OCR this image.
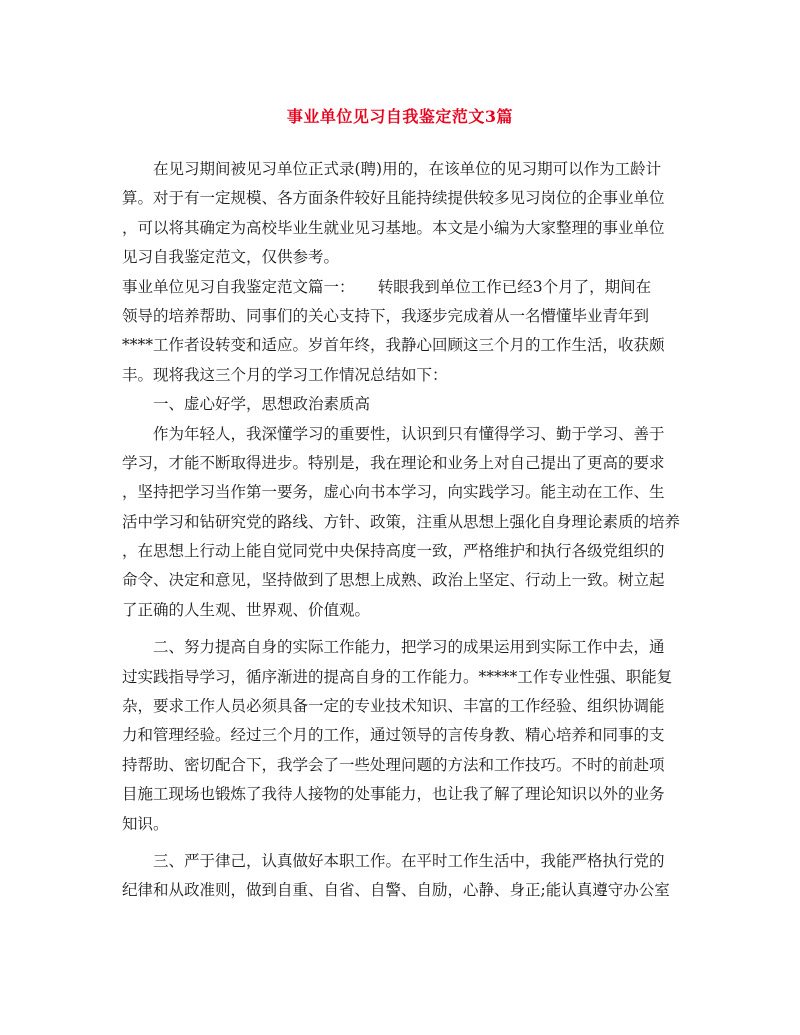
事业单位见习自我鉴定范文3篇
　　在见习期间被见习单位正式录(聘)用的，在该单位的见习期可以作为工龄计
算。对于有一定规模、各方面条件较好且能持续提供较多见习岗位的企事业单位
，可以将其确定为高校毕业生就业见习基地。本文是小编为大家整理的事业单位
见习自我鉴定范文，仅供参考。
事业单位见习自我鉴定范文篇一：　　转眼我到单位工作已经3个月了，期间在
领导的培养帮助、同事们的关心支持下，我逐步完成着从一名懵懂毕业青年到
****工作者设转变和适应。岁首年终，我静心回顾这三个月的工作生活，收获颇
丰。现将我这三个月的学习工作情况总结如下：
　　一、虚心好学，思想政治素质高
　　作为年轻人，我深懂学习的重要性，认识到只有懂得学习、勤于学习、善于
学习，才能不断取得进步。特别是，我在理论和业务上对自己提出了更高的要求
，坚持把学习当作第一要务，虚心向书本学习，向实践学习。能主动在工作、生
活中学习和钻研究党的路线、方针、政策，注重从思想上强化自身理论素质的培养
，在思想上行动上能自觉同党中央保持高度一致，严格维护和执行各级党组织的
命令、决定和意见，坚持做到了思想上成熟、政治上坚定、行动上一致。树立起
了正确的人生观、世界观、价值观。
　　二、努力提高自身的实际工作能力，把学习的成果运用到实际工作中去，通
过实践指导学习，循序渐进的提高自身的工作能力。*****工作专业性强、职能复
杂，要求工作人员必须具备一定的专业技术知识、丰富的工作经验、组织协调能
力和管理经验。经过三个月的工作，通过领导的言传身教、精心培养和同事的支
持帮助、密切配合下，我学会了一些处理问题的方法和工作技巧。不时的前赴项
目施工现场也锻炼了我待人接物的处事能力，也让我了解了理论知识以外的业务
知识。
　　三、严于律己，认真做好本职工作。在平时工作生活中，我能严格执行党的
纪律和从政准则，做到自重、自省、自警、自励，心静、身正;能认真遵守办公室
